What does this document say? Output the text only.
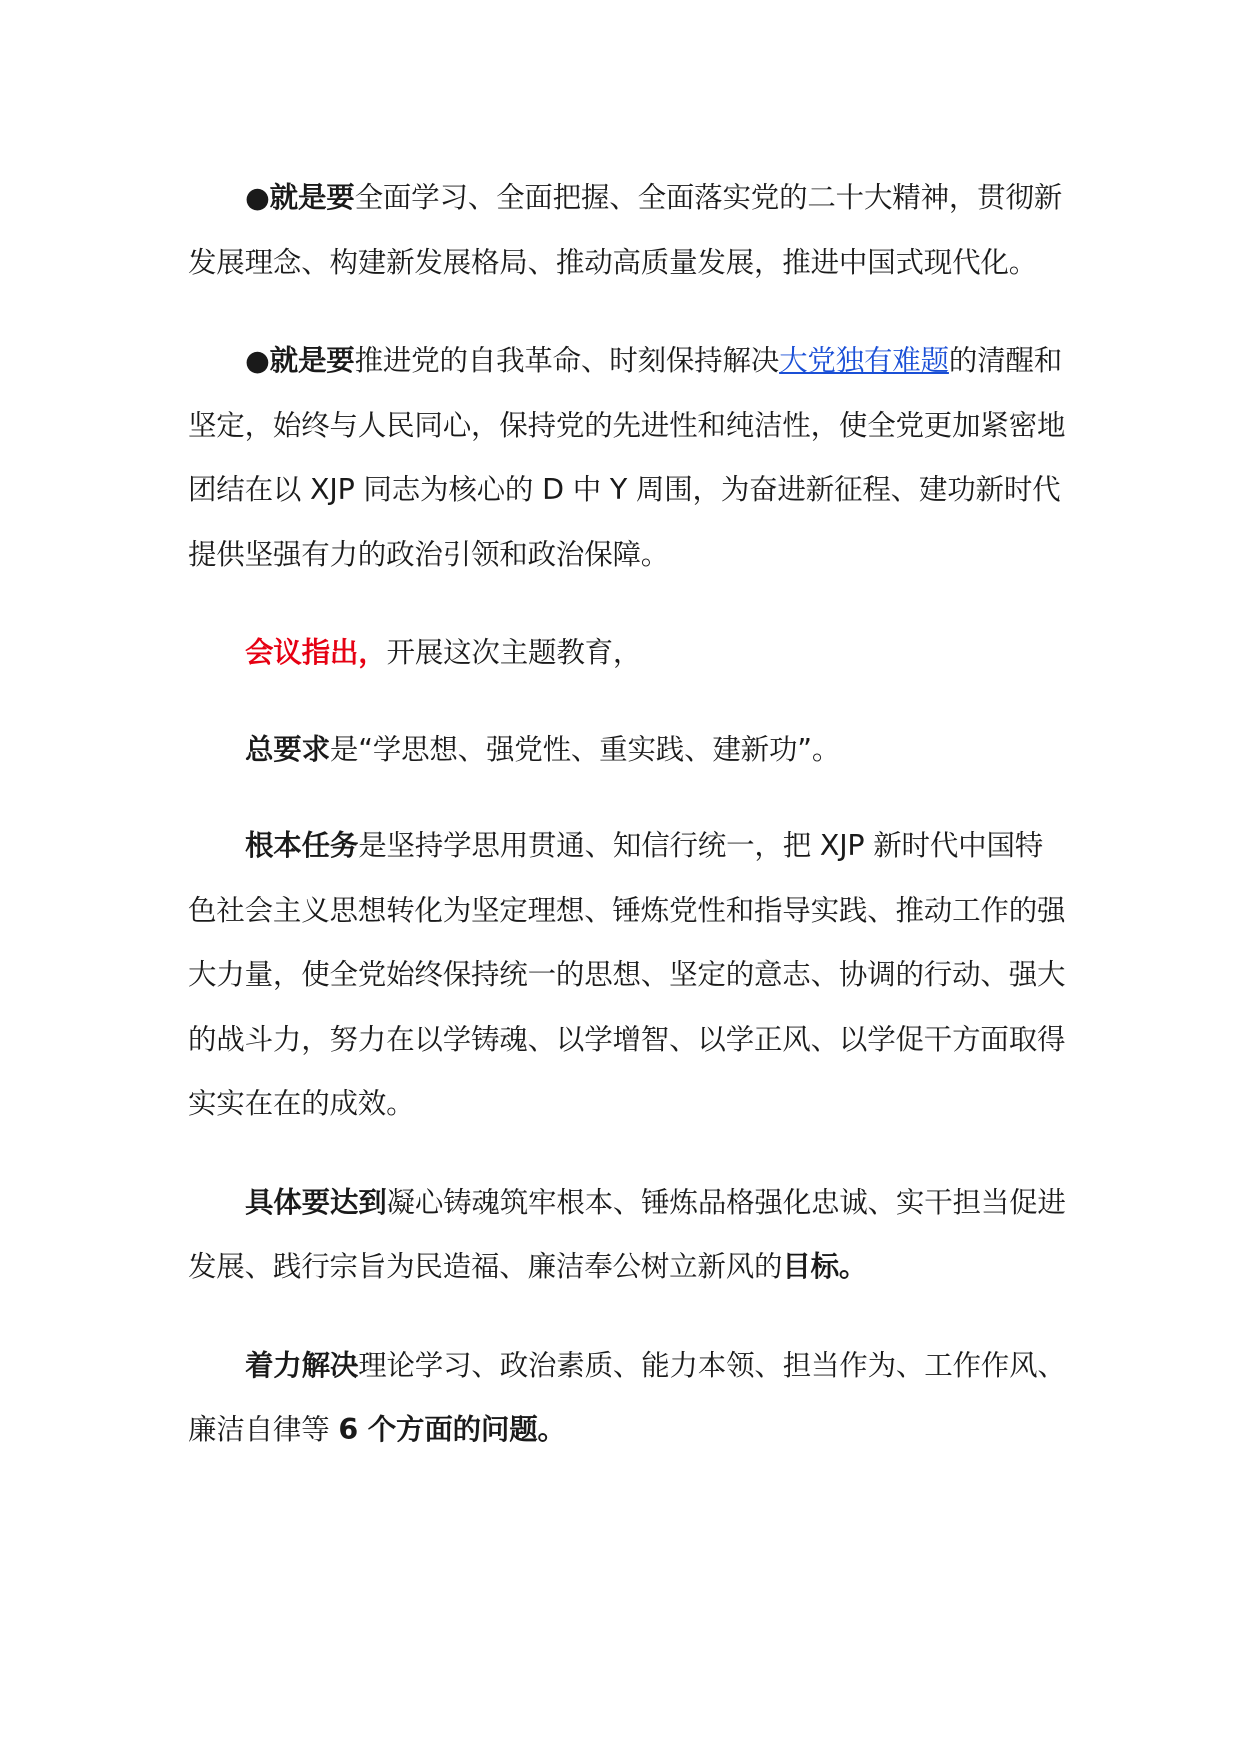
●就是要全面学习、全面把握、全面落实党的二十大精神，贯彻新发展理念、构建新发展格局、推动高质量发展，推进中国式现代化。

●就是要推进党的自我革命、时刻保持解决大党独有难题的清醒和坚定，始终与人民同心，保持党的先进性和纯洁性，使全党更加紧密地团结在以 XJP 同志为核心的 D 中 Y 周围，为奋进新征程、建功新时代提供坚强有力的政治引领和政治保障。

会议指出，开展这次主题教育，

总要求是“学思想、强党性、重实践、建新功”。

根本任务是坚持学思用贯通、知信行统一，把 XJP 新时代中国特色社会主义思想转化为坚定理想、锤炼党性和指导实践、推动工作的强大力量，使全党始终保持统一的思想、坚定的意志、协调的行动、强大的战斗力，努力在以学铸魂、以学增智、以学正风、以学促干方面取得实实在在的成效。

具体要达到凝心铸魂筑牢根本、锤炼品格强化忠诚、实干担当促进发展、践行宗旨为民造福、廉洁奉公树立新风的目标。

着力解决理论学习、政治素质、能力本领、担当作为、工作作风、廉洁自律等 6 个方面的问题。
